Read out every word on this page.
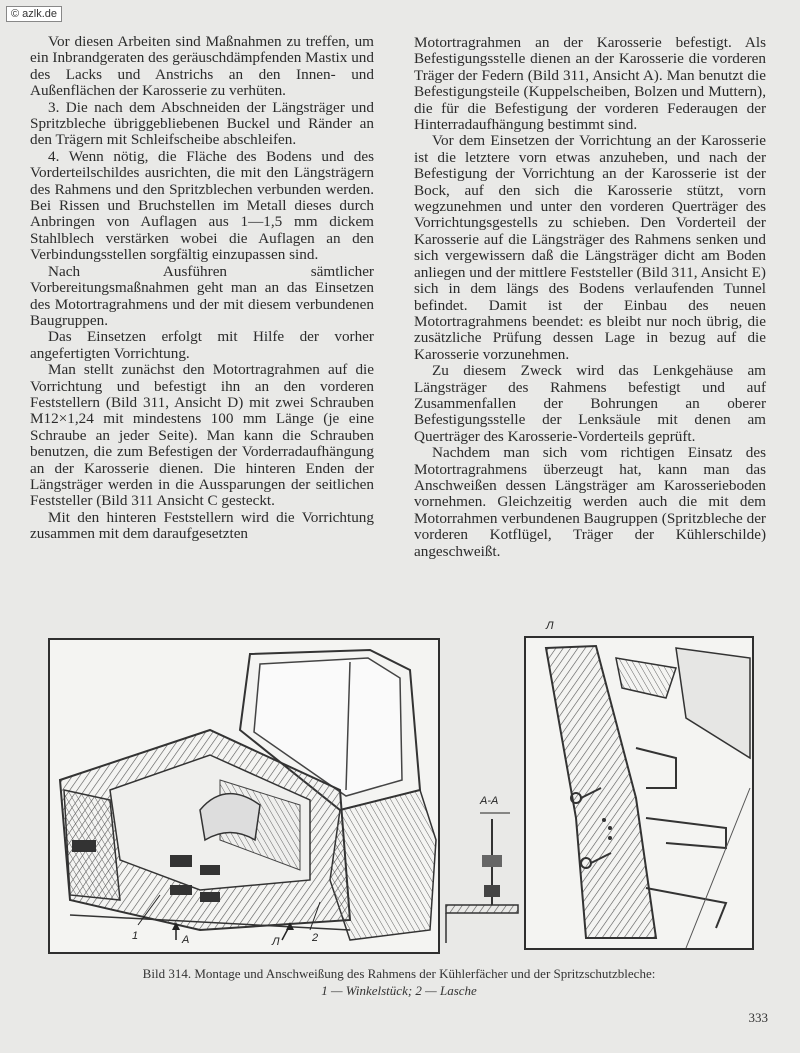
© azlk.de

Vor diesen Arbeiten sind Maßnahmen zu treffen, um ein Inbrandgeraten des geräuschdämpfenden Mastix und des Lacks und Anstrichs an den Innen- und Außenflächen der Karosserie zu verhüten.

3. Die nach dem Abschneiden der Längsträger und Spritzbleche übriggebliebenen Buckel und Ränder an den Trägern mit Schleifscheibe abschleifen.

4. Wenn nötig, die Fläche des Bodens und des Vorderteilschildes ausrichten, die mit den Längsträgern des Rahmens und den Spritzblechen verbunden werden. Bei Rissen und Bruchstellen im Metall dieses durch Anbringen von Auflagen aus 1—1,5 mm dickem Stahlblech verstärken wobei die Auflagen an den Verbindungsstellen sorgfältig einzupassen sind.

Nach Ausführen sämtlicher Vorbereitungsmaßnahmen geht man an das Einsetzen des Motortragrahmens und der mit diesem verbundenen Baugruppen.

Das Einsetzen erfolgt mit Hilfe der vorher angefertigten Vorrichtung.

Man stellt zunächst den Motortragrahmen auf die Vorrichtung und befestigt ihn an den vorderen Feststellern (Bild 311, Ansicht D) mit zwei Schrauben M12×1,24 mit mindestens 100 mm Länge (je eine Schraube an jeder Seite). Man kann die Schrauben benutzen, die zum Befestigen der Vorderradaufhängung an der Karosserie dienen. Die hinteren Enden der Längsträger werden in die Aussparungen der seitlichen Feststeller (Bild 311 Ansicht C gesteckt.

Mit den hinteren Feststellern wird die Vorrichtung zusammen mit dem daraufgesetzten

Motortragrahmen an der Karosserie befestigt. Als Befestigungsstelle dienen an der Karosserie die vorderen Träger der Federn (Bild 311, Ansicht A). Man benutzt die Befestigungsteile (Kuppelscheiben, Bolzen und Muttern), die für die Befestigung der vorderen Federaugen der Hinterradaufhängung bestimmt sind.

Vor dem Einsetzen der Vorrichtung an der Karosserie ist die letztere vorn etwas anzuheben, und nach der Befestigung der Vorrichtung an der Karosserie ist der Bock, auf den sich die Karosserie stützt, vorn wegzunehmen und unter den vorderen Querträger des Vorrichtungsgestells zu schieben. Den Vorderteil der Karosserie auf die Längsträger des Rahmens senken und sich vergewissern daß die Längsträger dicht am Boden anliegen und der mittlere Feststeller (Bild 311, Ansicht E) sich in dem längs des Bodens verlaufenden Tunnel befindet. Damit ist der Einbau des neuen Motortragrahmens beendet: es bleibt nur noch übrig, die zusätzliche Prüfung dessen Lage in bezug auf die Karosserie vorzunehmen.

Zu diesem Zweck wird das Lenkgehäuse am Längsträger des Rahmens befestigt und auf Zusammenfallen der Bohrungen an oberer Befestigungsstelle der Lenksäule mit denen am Querträger des Karosserie-Vorderteils geprüft.

Nachdem man sich vom richtigen Einsatz des Motortragrahmens überzeugt hat, kann man das Anschweißen dessen Längsträger am Karosserieboden vornehmen. Gleichzeitig werden auch die mit dem Motorrahmen verbundenen Baugruppen (Spritzbleche der vorderen Kotflügel, Träger der Kühlerschilde) angeschweißt.

1	A	Л	2
A-A
Л
Bild 314. Montage und Anschweißung des Rahmens der Kühlerfächer und der Spritzschutzbleche:
1 — Winkelstück; 2 — Lasche
333
